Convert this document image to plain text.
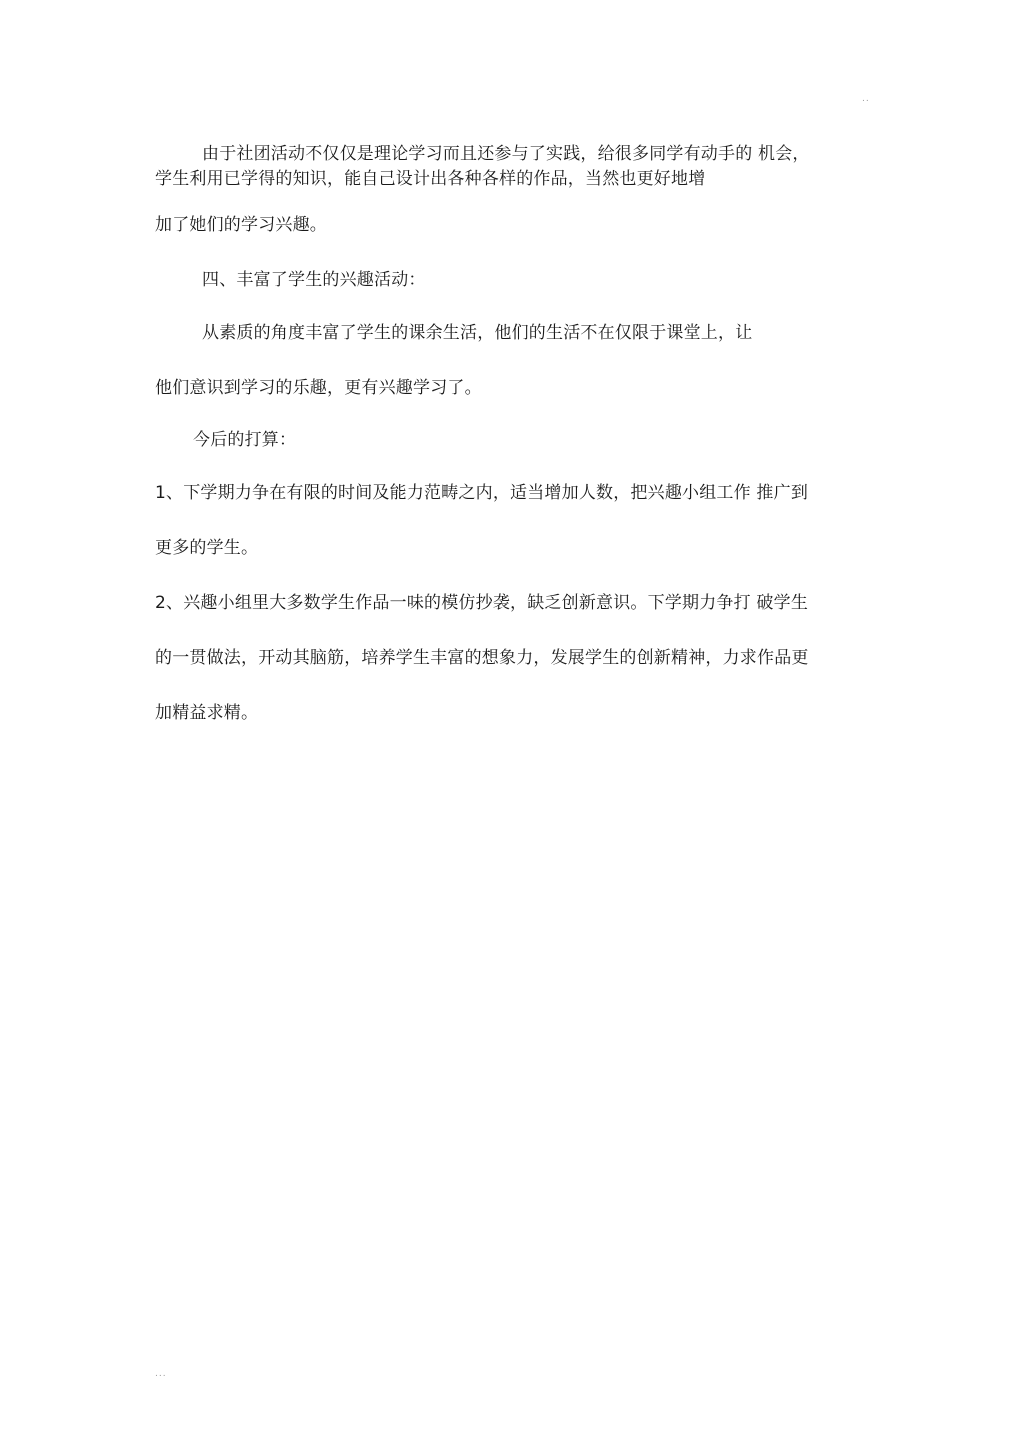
..
由于社团活动不仅仅是理论学习而且还参与了实践，给很多同学有动手的 机会，
学生利用已学得的知识，能自己设计出各种各样的作品，当然也更好地增
加了她们的学习兴趣。
四、丰富了学生的兴趣活动：
从素质的角度丰富了学生的课余生活，他们的生活不在仅限于课堂上，让
他们意识到学习的乐趣，更有兴趣学习了。
今后的打算：
1、下学期力争在有限的时间及能力范畴之内，适当增加人数，把兴趣小组工作 推广到
更多的学生。
2、兴趣小组里大多数学生作品一味的模仿抄袭，缺乏创新意识。下学期力争打 破学生
的一贯做法，开动其脑筋，培养学生丰富的想象力，发展学生的创新精神，力求作品更
加精益求精。
...
